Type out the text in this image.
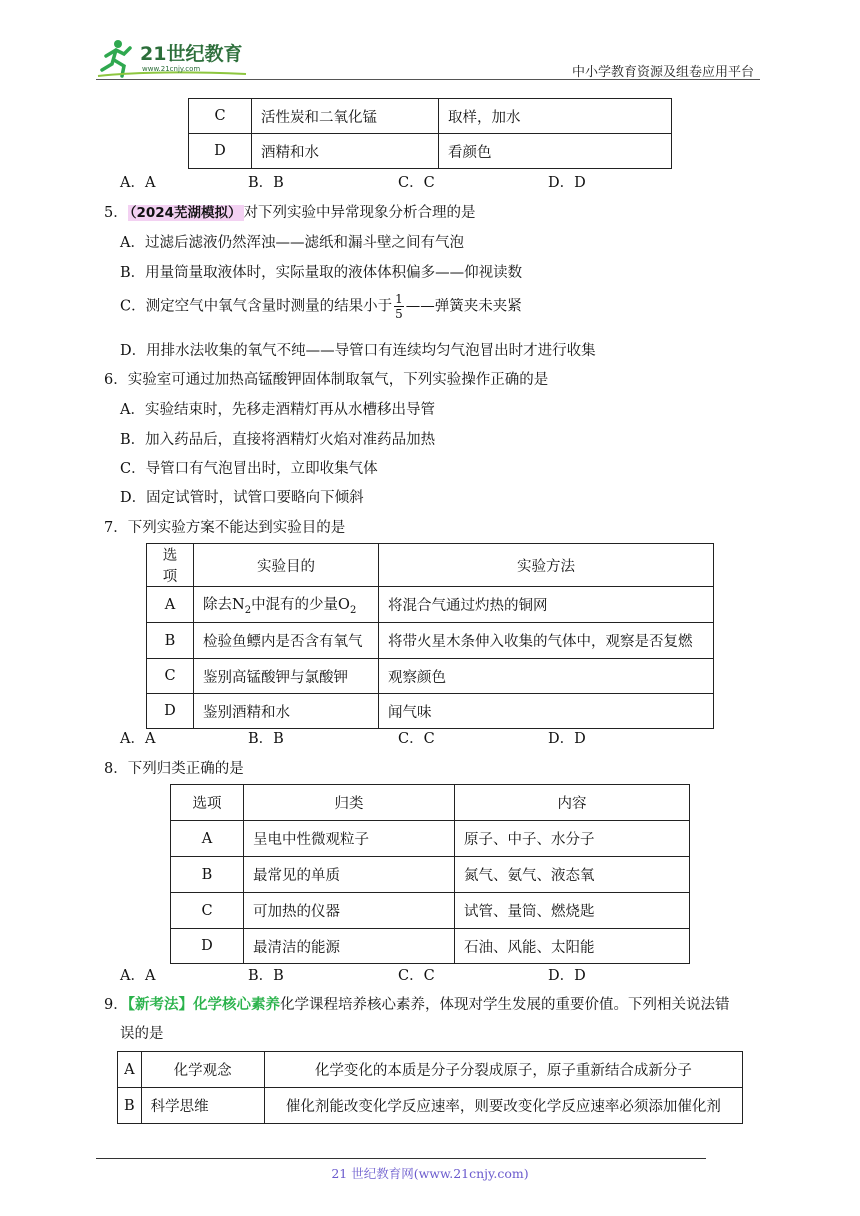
21世纪教育
www.21cnjy.com	中小学教育资源及组卷应用平台
C	活性炭和二氧化锰	取样，加水
D	酒精和水	看颜色
A．A	B．B	C．C	D．D
5． （2024芜湖模拟） 对下列实验中异常现象分析合理的是
A．过滤后滤液仍然浑浊——滤纸和漏斗壁之间有气泡
B．用量筒量取液体时，实际量取的液体体积偏多——仰视读数
C．测定空气中氧气含量时测量的结果小于 $\frac{1}{5}$ ——弹簧夹未夹紧
D．用排水法收集的氧气不纯——导管口有连续均匀气泡冒出时才进行收集
6．实验室可通过加热高锰酸钾固体制取氧气，下列实验操作正确的是
A．实验结束时，先移走酒精灯再从水槽移出导管
B．加入药品后，直接将酒精灯火焰对准药品加热
C．导管口有气泡冒出时，立即收集气体
D．固定试管时，试管口要略向下倾斜
7．下列实验方案不能达到实验目的是
选项	实验目的	实验方法
A	除去$N_2$中混有的少量$O_2$	将混合气通过灼热的铜网
B	检验鱼鳔内是否含有氧气	将带火星木条伸入收集的气体中，观察是否复燃
C	鉴别高锰酸钾与氯酸钾	观察颜色
D	鉴别酒精和水	闻气味
A．A	B．B	C．C	D．D
8．下列归类正确的是
选项	归类	内容
A	呈电中性微观粒子	原子、中子、水分子
B	最常见的单质	氮气、氨气、液态氧
C	可加热的仪器	试管、量筒、燃烧匙
D	最清洁的能源	石油、风能、太阳能
A．A	B．B	C．C	D．D
9．【新考法】化学核心素养化学课程培养核心素养，体现对学生发展的重要价值。下列相关说法错
误的是
A	化学观念	化学变化的本质是分子分裂成原子，原子重新结合成新分子
B	科学思维	催化剂能改变化学反应速率，则要改变化学反应速率必须添加催化剂
21 世纪教育网(www.21cnjy.com)
